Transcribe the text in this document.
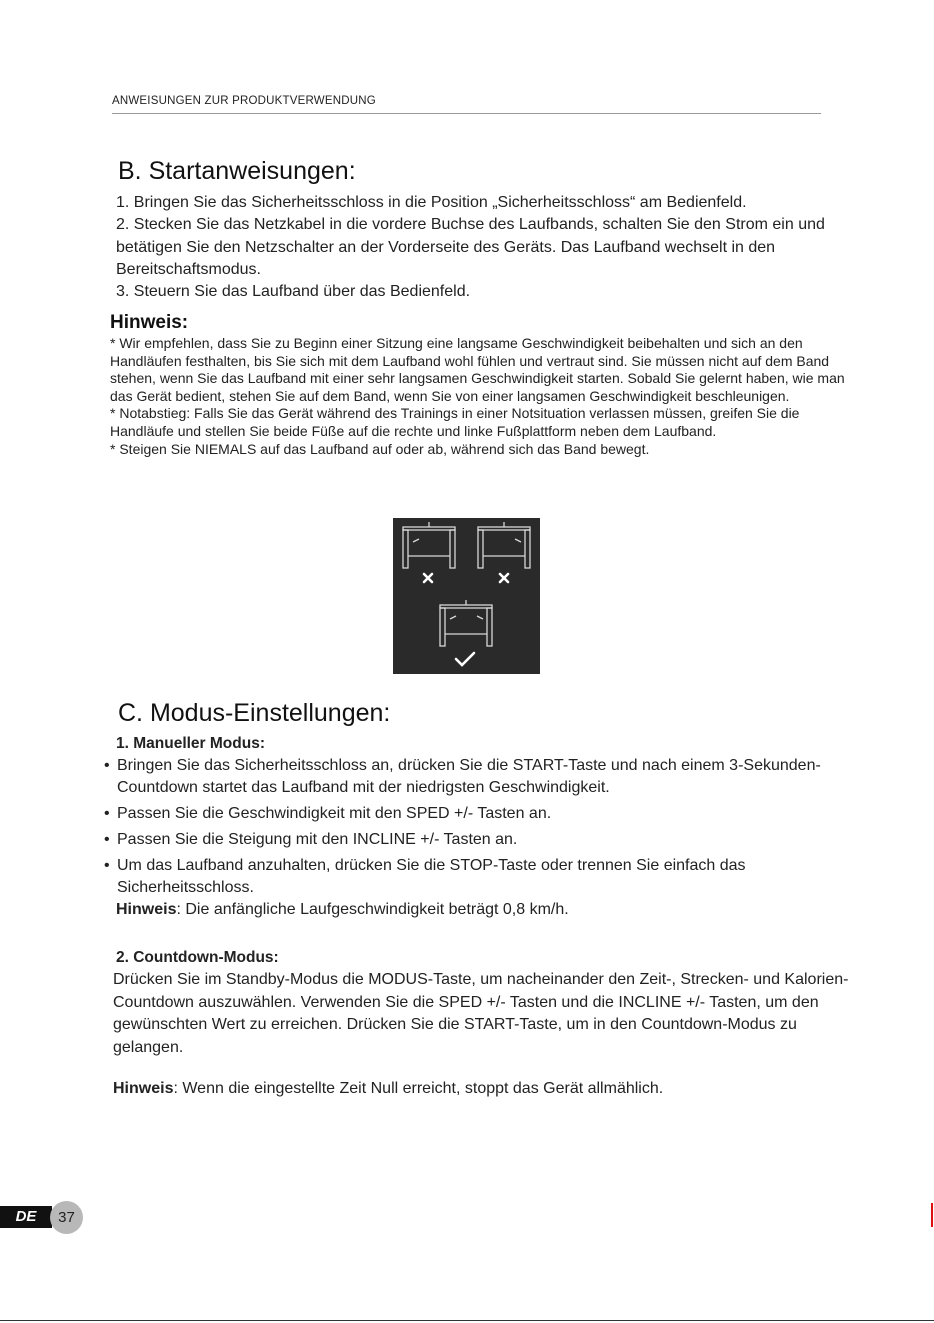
ANWEISUNGEN ZUR PRODUKTVERWENDUNG
B. Startanweisungen:

1. Bringen Sie das Sicherheitsschloss in die Position „Sicherheitsschloss“ am Bedienfeld.

2. Stecken Sie das Netzkabel in die vordere Buchse des Laufbands, schalten Sie den Strom ein und betätigen Sie den Netzschalter an der Vorderseite des Geräts. Das Laufband wechselt in den Bereitschaftsmodus.

3. Steuern Sie das Laufband über das Bedienfeld.

Hinweis:

* Wir empfehlen, dass Sie zu Beginn einer Sitzung eine langsame Geschwindigkeit beibehalten und sich an den Handläufen festhalten, bis Sie sich mit dem Laufband wohl fühlen und vertraut sind. Sie müssen nicht auf dem Band stehen, wenn Sie das Laufband mit einer sehr langsamen Geschwindigkeit starten. Sobald Sie gelernt haben, wie man das Gerät bedient, stehen Sie auf dem Band, wenn Sie von einer langsamen Geschwindigkeit beschleunigen.

* Notabstieg: Falls Sie das Gerät während des Trainings in einer Notsituation verlassen müssen, greifen Sie die Handläufe und stellen Sie beide Füße auf die rechte und linke Fußplattform neben dem Laufband.

* Steigen Sie NIEMALS auf das Laufband auf oder ab, während sich das Band bewegt.

C. Modus-Einstellungen:
1. Manueller Modus:
• Bringen Sie das Sicherheitsschloss an, drücken Sie die START-Taste und nach einem 3-Sekunden-Countdown startet das Laufband mit der niedrigsten Geschwindigkeit.
• Passen Sie die Geschwindigkeit mit den SPED +/- Tasten an.
• Passen Sie die Steigung mit den INCLINE +/- Tasten an.
• Um das Laufband anzuhalten, drücken Sie die STOP-Taste oder trennen Sie einfach das Sicherheitsschloss.

Hinweis: Die anfängliche Laufgeschwindigkeit beträgt 0,8 km/h.

2. Countdown-Modus:

Drücken Sie im Standby-Modus die MODUS-Taste, um nacheinander den Zeit-, Strecken- und Kalorien-Countdown auszuwählen. Verwenden Sie die SPED +/- Tasten und die INCLINE +/- Tasten, um den gewünschten Wert zu erreichen. Drücken Sie die START-Taste, um in den Countdown-Modus zu gelangen.

Hinweis: Wenn die eingestellte Zeit Null erreicht, stoppt das Gerät allmählich.

DE	37
